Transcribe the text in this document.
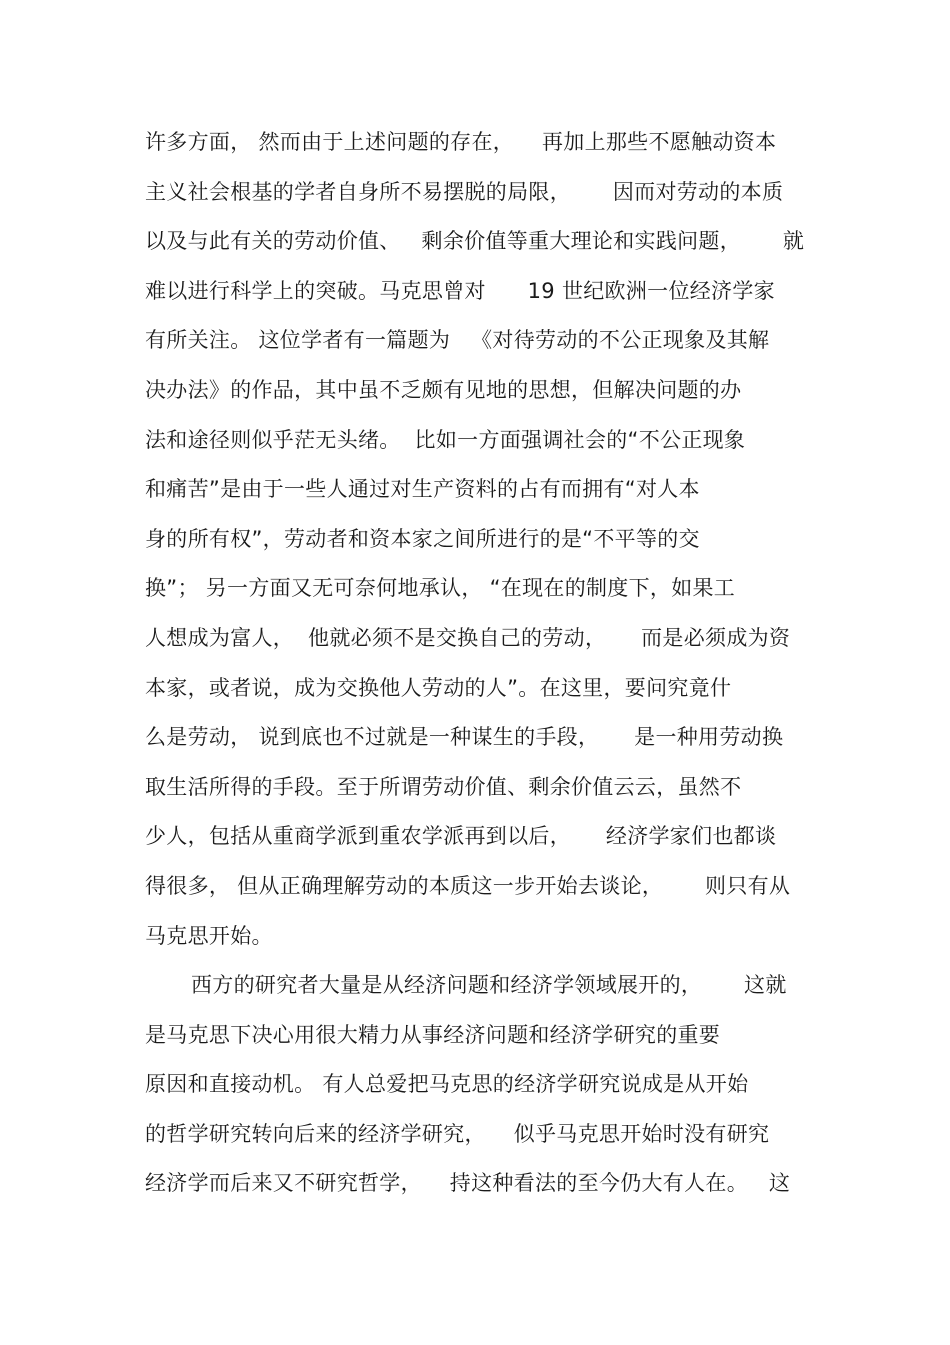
许多方面， 然而由于上述问题的存在，    再加上那些不愿触动资本
主义社会根基的学者自身所不易摆脱的局限，      因而对劳动的本质
以及与此有关的劳动价值、   剩余价值等重大理论和实践问题，      就
难以进行科学上的突破。马克思曾对      19 世纪欧洲一位经济学家
有所关注。 这位学者有一篇题为   《对待劳动的不公正现象及其解
决办法》的作品，其中虽不乏颇有见地的思想，但解决问题的办
法和途径则似乎茫无头绪。  比如一方面强调社会的“不公正现象
和痛苦”是由于一些人通过对生产资料的占有而拥有“对人本
身的所有权”，劳动者和资本家之间所进行的是“不平等的交
换”； 另一方面又无可奈何地承认， “在现在的制度下，如果工
人想成为富人，  他就必须不是交换自己的劳动，     而是必须成为资
本家，或者说，成为交换他人劳动的人”。在这里，要问究竟什
么是劳动， 说到底也不过就是一种谋生的手段，     是一种用劳动换
取生活所得的手段。至于所谓劳动价值、剩余价值云云，虽然不
少人，包括从重商学派到重农学派再到以后，     经济学家们也都谈
得很多， 但从正确理解劳动的本质这一步开始去谈论，      则只有从
马克思开始。
西方的研究者大量是从经济问题和经济学领域展开的，      这就
是马克思下决心用很大精力从事经济问题和经济学研究的重要
原因和直接动机。 有人总爱把马克思的经济学研究说成是从开始
的哲学研究转向后来的经济学研究，    似乎马克思开始时没有研究
经济学而后来又不研究哲学，    持这种看法的至今仍大有人在。   这
